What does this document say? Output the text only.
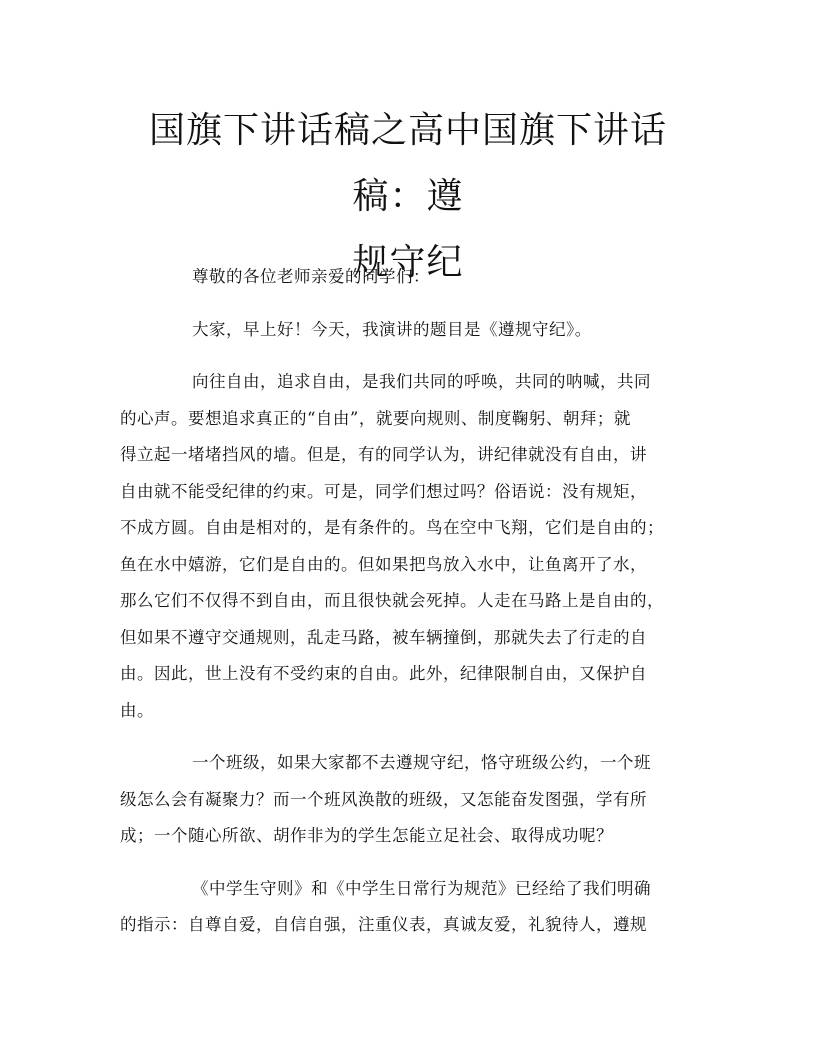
国旗下讲话稿之高中国旗下讲话稿：遵
规守纪
尊敬的各位老师亲爱的同学们：
大家，早上好！今天，我演讲的题目是《遵规守纪》。
向往自由，追求自由，是我们共同的呼唤，共同的呐喊，共同
的心声。要想追求真正的“自由”，就要向规则、制度鞠躬、朝拜；就
得立起一堵堵挡风的墙。但是，有的同学认为，讲纪律就没有自由，讲
自由就不能受纪律的约束。可是，同学们想过吗？俗语说：没有规矩，
不成方圆。自由是相对的，是有条件的。鸟在空中飞翔，它们是自由的；
鱼在水中嬉游，它们是自由的。但如果把鸟放入水中，让鱼离开了水，
那么它们不仅得不到自由，而且很快就会死掉。人走在马路上是自由的，
但如果不遵守交通规则，乱走马路，被车辆撞倒，那就失去了行走的自
由。因此，世上没有不受约束的自由。此外，纪律限制自由，又保护自
由。
一个班级，如果大家都不去遵规守纪，恪守班级公约，一个班
级怎么会有凝聚力？而一个班风涣散的班级，又怎能奋发图强，学有所
成；一个随心所欲、胡作非为的学生怎能立足社会、取得成功呢？
《中学生守则》和《中学生日常行为规范》已经给了我们明确
的指示：自尊自爱，自信自强，注重仪表，真诚友爱，礼貌待人，遵规
